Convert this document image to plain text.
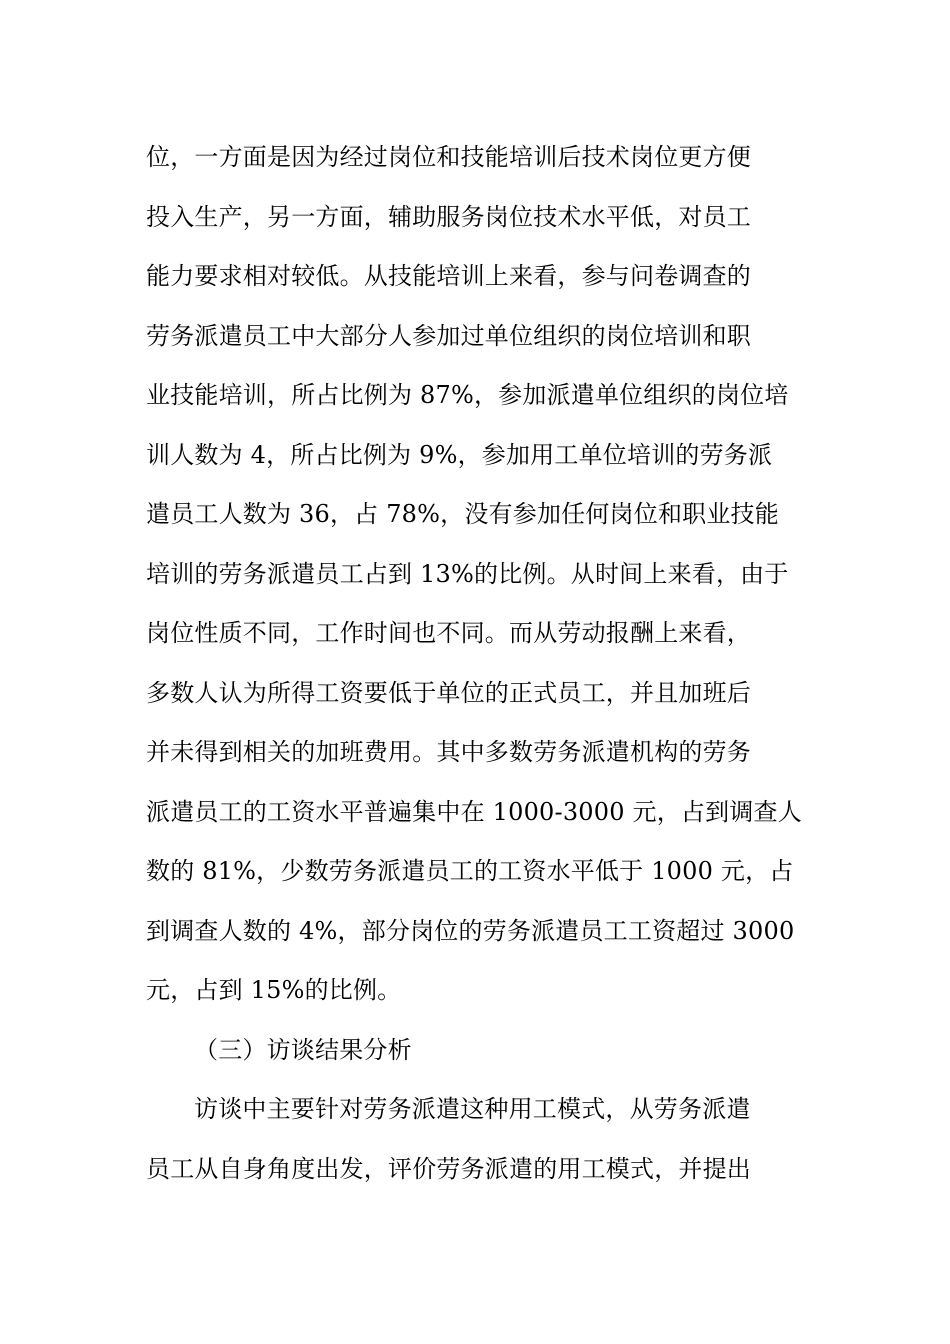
位，一方面是因为经过岗位和技能培训后技术岗位更方便
投入生产，另一方面，辅助服务岗位技术水平低，对员工
能力要求相对较低。从技能培训上来看，参与问卷调查的
劳务派遣员工中大部分人参加过单位组织的岗位培训和职
业技能培训，所占比例为 87%，参加派遣单位组织的岗位培
训人数为 4，所占比例为 9%，参加用工单位培训的劳务派
遣员工人数为 36，占 78%，没有参加任何岗位和职业技能
培训的劳务派遣员工占到 13%的比例。从时间上来看，由于
岗位性质不同，工作时间也不同。而从劳动报酬上来看，
多数人认为所得工资要低于单位的正式员工，并且加班后
并未得到相关的加班费用。其中多数劳务派遣机构的劳务
派遣员工的工资水平普遍集中在 1000-3000 元，占到调查人
数的 81%，少数劳务派遣员工的工资水平低于 1000 元，占
到调查人数的 4%，部分岗位的劳务派遣员工工资超过 3000
元，占到 15%的比例。
（三）访谈结果分析
访谈中主要针对劳务派遣这种用工模式，从劳务派遣
员工从自身角度出发，评价劳务派遣的用工模式，并提出
